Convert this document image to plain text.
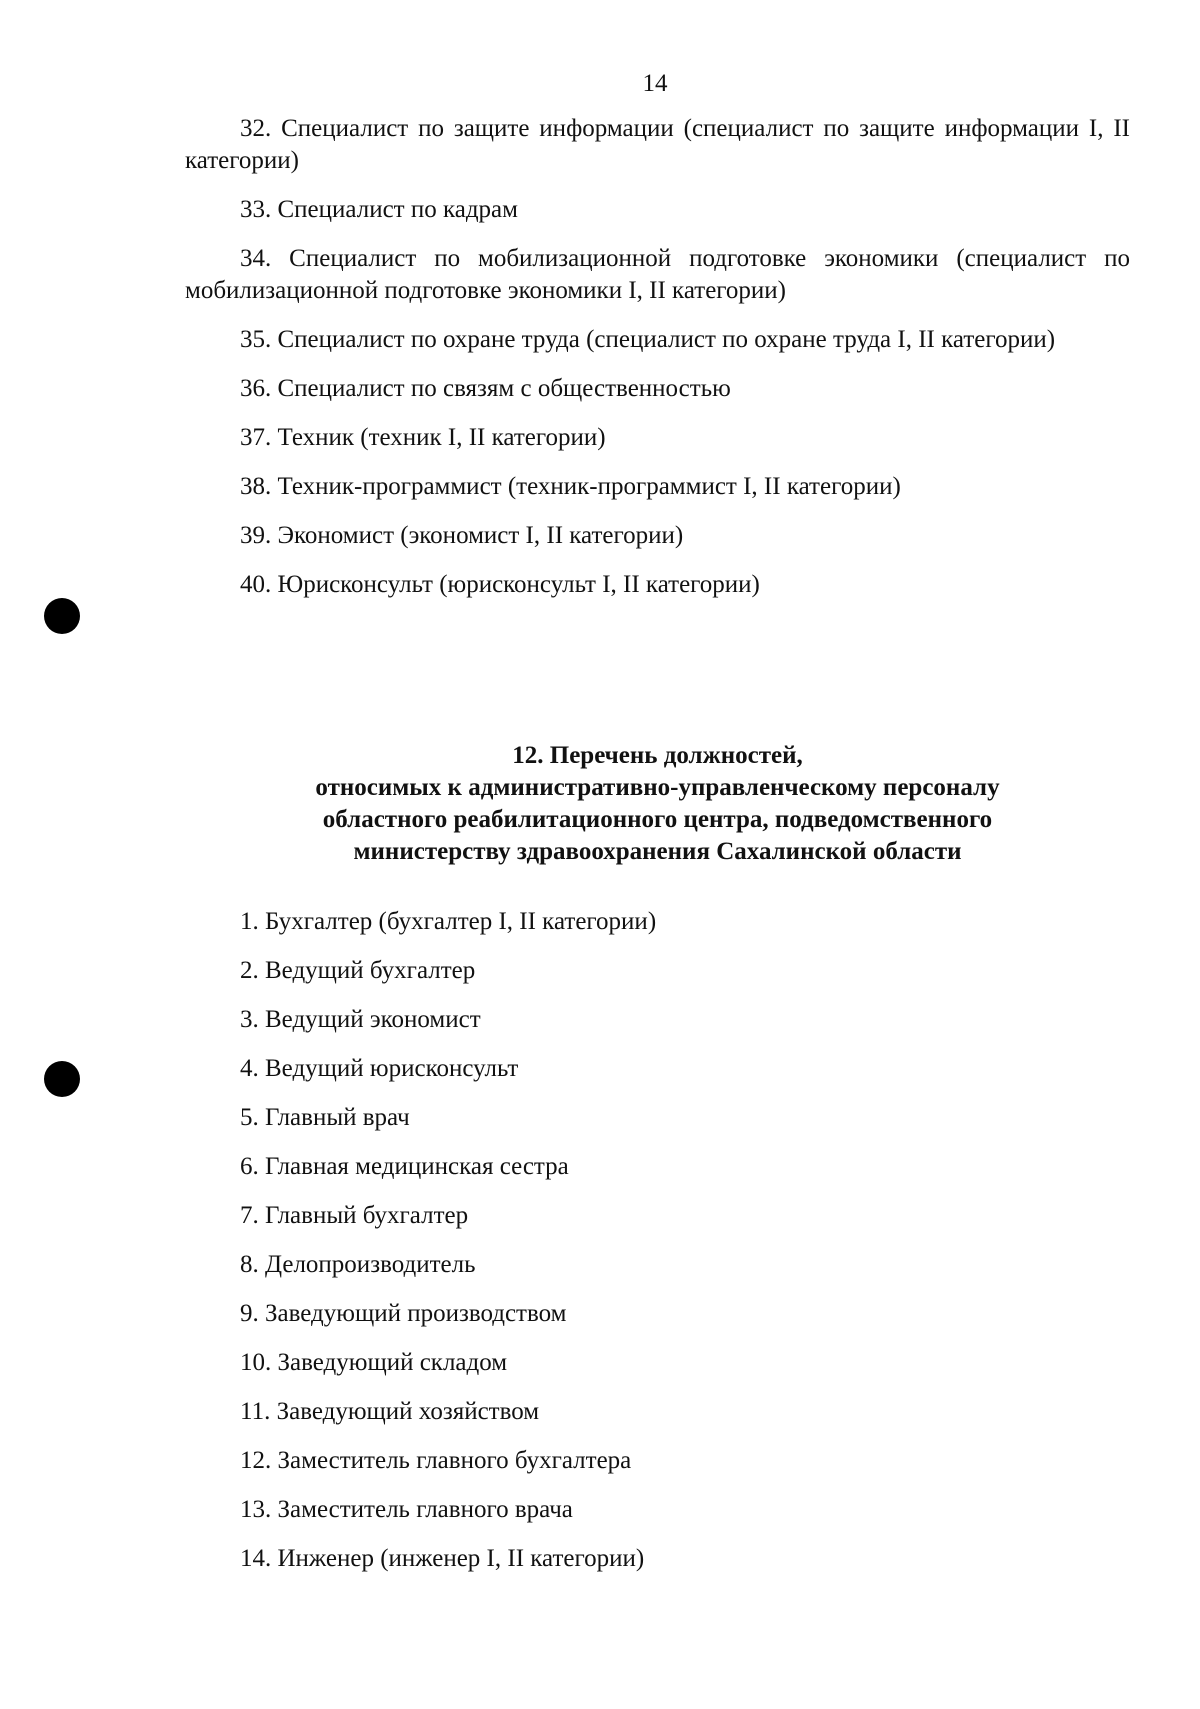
14

32. Специалист по защите информации (специалист по защите информации I, II категории)

33. Специалист по кадрам

34. Специалист по мобилизационной подготовке экономики (специалист по мобилизационной подготовке экономики I, II категории)

35. Специалист по охране труда (специалист по охране труда I, II категории)

36. Специалист по связям с общественностью

37. Техник (техник I, II категории)

38. Техник-программист (техник-программист I, II категории)

39. Экономист (экономист I, II категории)

40. Юрисконсульт (юрисконсульт I, II категории)

12. Перечень должностей,
относимых к административно-управленческому персоналу
областного реабилитационного центра, подведомственного
министерству здравоохранения Сахалинской области

1. Бухгалтер (бухгалтер I, II категории)

2. Ведущий бухгалтер

3. Ведущий экономист

4. Ведущий юрисконсульт

5. Главный врач

6. Главная медицинская сестра

7. Главный бухгалтер

8. Делопроизводитель

9. Заведующий производством

10. Заведующий складом

11. Заведующий хозяйством

12. Заместитель главного бухгалтера

13. Заместитель главного врача

14. Инженер (инженер I, II категории)
